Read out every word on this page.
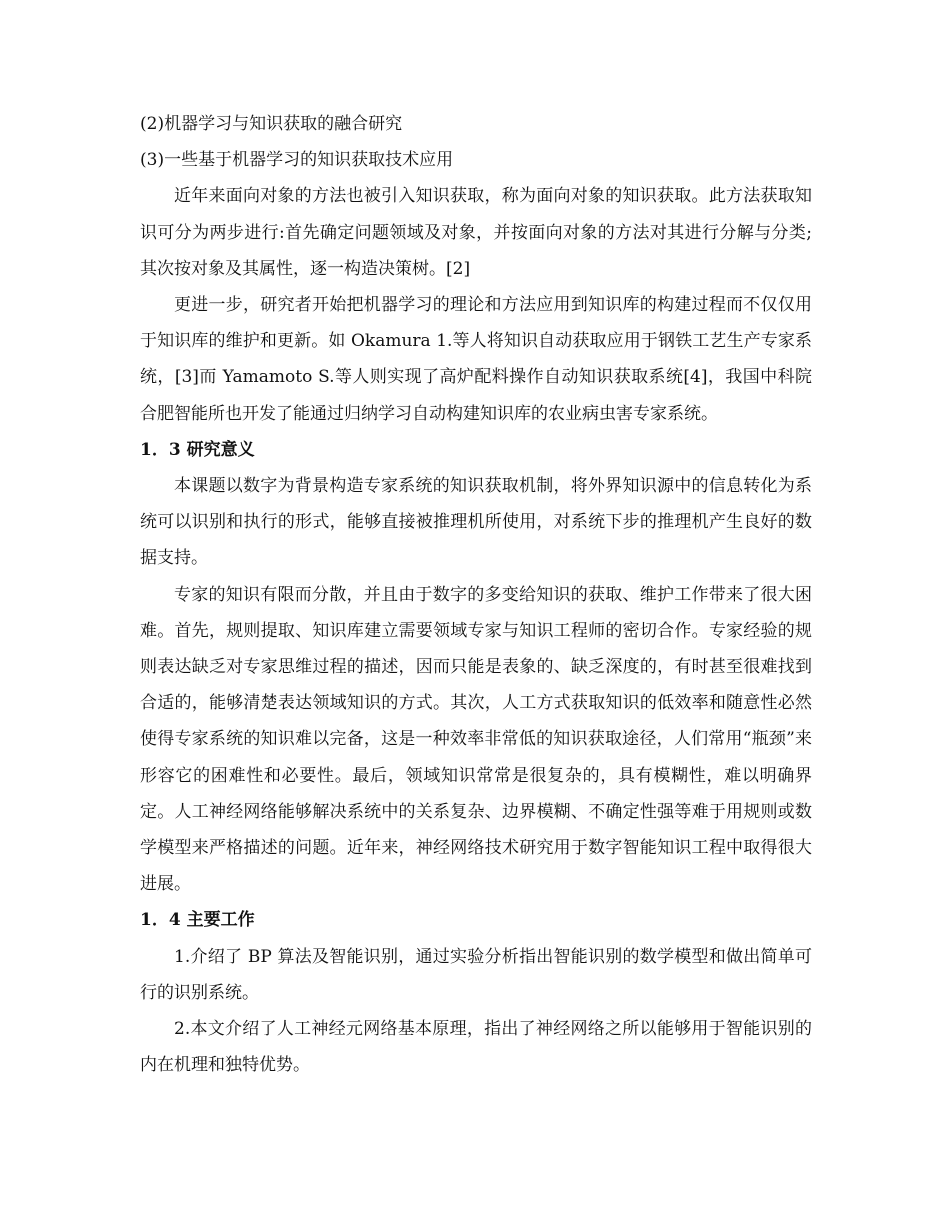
(2)机器学习与知识获取的融合研究

(3)一些基于机器学习的知识获取技术应用

近年来面向对象的方法也被引入知识获取，称为面向对象的知识获取。此方法获取知识可分为两步进行:首先确定问题领域及对象，并按面向对象的方法对其进行分解与分类;其次按对象及其属性，逐一构造决策树。[2]

更进一步，研究者开始把机器学习的理论和方法应用到知识库的构建过程而不仅仅用于知识库的维护和更新。如 Okamura 1.等人将知识自动获取应用于钢铁工艺生产专家系统，[3]而 Yamamoto S.等人则实现了高炉配料操作自动知识获取系统[4]，我国中科院合肥智能所也开发了能通过归纳学习自动构建知识库的农业病虫害专家系统。

1．3 研究意义

本课题以数字为背景构造专家系统的知识获取机制，将外界知识源中的信息转化为系统可以识别和执行的形式，能够直接被推理机所使用，对系统下步的推理机产生良好的数据支持。

专家的知识有限而分散，并且由于数字的多变给知识的获取、维护工作带来了很大困难。首先，规则提取、知识库建立需要领域专家与知识工程师的密切合作。专家经验的规则表达缺乏对专家思维过程的描述，因而只能是表象的、缺乏深度的，有时甚至很难找到合适的，能够清楚表达领域知识的方式。其次，人工方式获取知识的低效率和随意性必然使得专家系统的知识难以完备，这是一种效率非常低的知识获取途径，人们常用“瓶颈”来形容它的困难性和必要性。最后，领域知识常常是很复杂的，具有模糊性，难以明确界定。人工神经网络能够解决系统中的关系复杂、边界模糊、不确定性强等难于用规则或数学模型来严格描述的问题。近年来，神经网络技术研究用于数字智能知识工程中取得很大进展。

1．4 主要工作

1.介绍了 BP 算法及智能识别，通过实验分析指出智能识别的数学模型和做出简单可行的识别系统。

2.本文介绍了人工神经元网络基本原理，指出了神经网络之所以能够用于智能识别的内在机理和独特优势。
